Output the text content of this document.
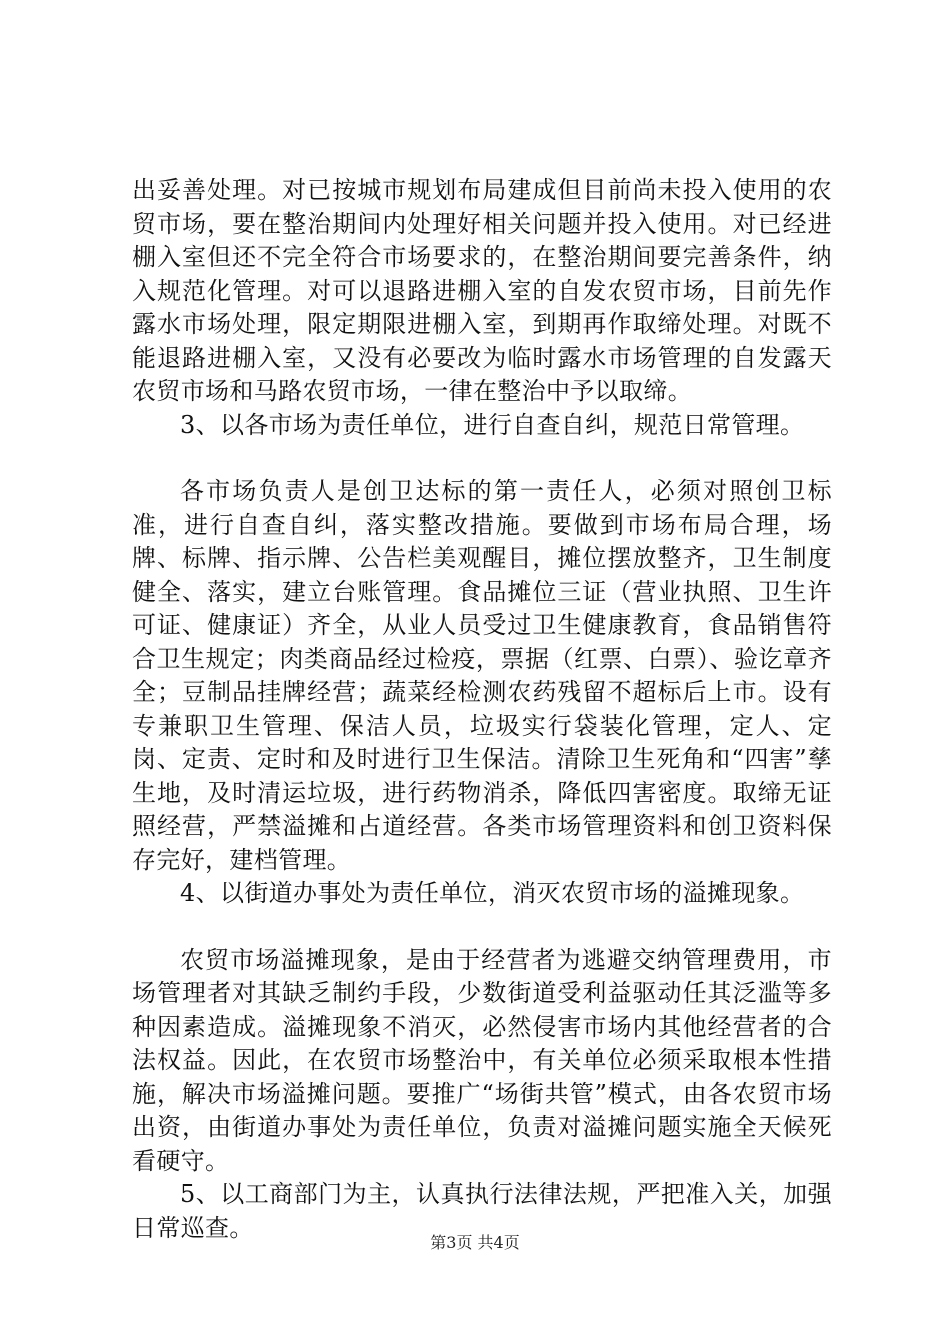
出妥善处理。对已按城市规划布局建成但目前尚未投入使用的农贸市场，要在整治期间内处理好相关问题并投入使用。对已经进棚入室但还不完全符合市场要求的，在整治期间要完善条件，纳入规范化管理。对可以退路进棚入室的自发农贸市场，目前先作露水市场处理，限定期限进棚入室，到期再作取缔处理。对既不能退路进棚入室，又没有必要改为临时露水市场管理的自发露天农贸市场和马路农贸市场，一律在整治中予以取缔。

3、以各市场为责任单位，进行自查自纠，规范日常管理。

各市场负责人是创卫达标的第一责任人，必须对照创卫标准，进行自查自纠，落实整改措施。要做到市场布局合理，场牌、标牌、指示牌、公告栏美观醒目，摊位摆放整齐，卫生制度健全、落实，建立台账管理。食品摊位三证（营业执照、卫生许可证、健康证）齐全，从业人员受过卫生健康教育，食品销售符合卫生规定；肉类商品经过检疫，票据（红票、白票）、验讫章齐全；豆制品挂牌经营；蔬菜经检测农药残留不超标后上市。设有专兼职卫生管理、保洁人员，垃圾实行袋装化管理，定人、定岗、定责、定时和及时进行卫生保洁。清除卫生死角和“四害”孳生地，及时清运垃圾，进行药物消杀，降低四害密度。取缔无证照经营，严禁溢摊和占道经营。各类市场管理资料和创卫资料保存完好，建档管理。

4、以街道办事处为责任单位，消灭农贸市场的溢摊现象。

农贸市场溢摊现象，是由于经营者为逃避交纳管理费用，市场管理者对其缺乏制约手段，少数街道受利益驱动任其泛滥等多种因素造成。溢摊现象不消灭，必然侵害市场内其他经营者的合法权益。因此，在农贸市场整治中，有关单位必须采取根本性措施，解决市场溢摊问题。要推广“场街共管”模式，由各农贸市场出资，由街道办事处为责任单位，负责对溢摊问题实施全天候死看硬守。

5、以工商部门为主，认真执行法律法规，严把准入关，加强日常巡查。

第3页 共4页
